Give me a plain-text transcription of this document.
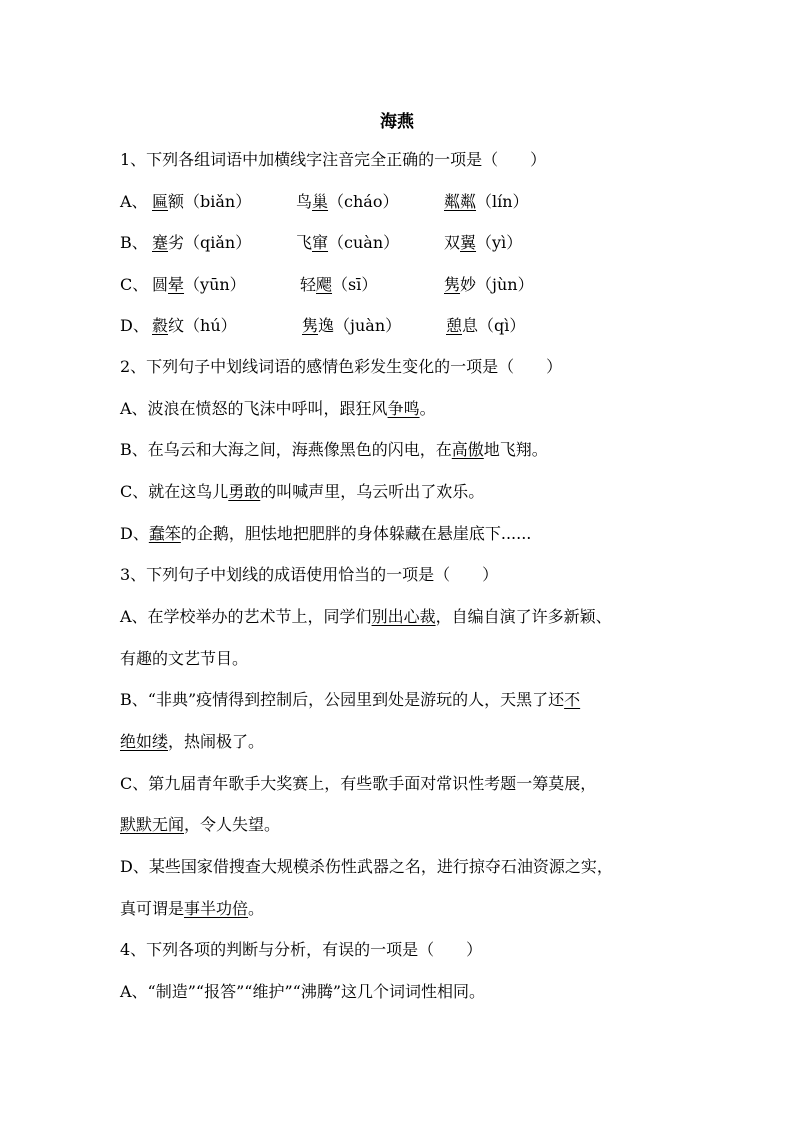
海燕
1、下列各组词语中加横线字注音完全正确的一项是（　　）
A、 匾额（biǎn）	鸟巢（cháo）	粼粼（lín）
B、 蹇劣（qiǎn）	飞窜（cuàn）	双翼（yì）
C、 圆晕（yūn）	轻飔（sī）	隽妙（jùn）
D、 縠纹（hú）	隽逸（juàn）	憩息（qì）
2、下列句子中划线词语的感情色彩发生变化的一项是（　　）
A、波浪在愤怒的飞沫中呼叫，跟狂风争鸣。
B、在乌云和大海之间，海燕像黑色的闪电，在高傲地飞翔。
C、就在这鸟儿勇敢的叫喊声里，乌云听出了欢乐。
D、蠢笨的企鹅，胆怯地把肥胖的身体躲藏在悬崖底下......
3、下列句子中划线的成语使用恰当的一项是（　　）
A、在学校举办的艺术节上，同学们别出心裁，自编自演了许多新颖、
有趣的文艺节目。
B、“非典”疫情得到控制后，公园里到处是游玩的人，天黑了还不
绝如缕，热闹极了。
C、第九届青年歌手大奖赛上，有些歌手面对常识性考题一筹莫展，
默默无闻，令人失望。
D、某些国家借搜查大规模杀伤性武器之名，进行掠夺石油资源之实，
真可谓是事半功倍。
4、下列各项的判断与分析，有误的一项是（　　）
A、“制造”“报答”“维护”“沸腾”这几个词词性相同。
